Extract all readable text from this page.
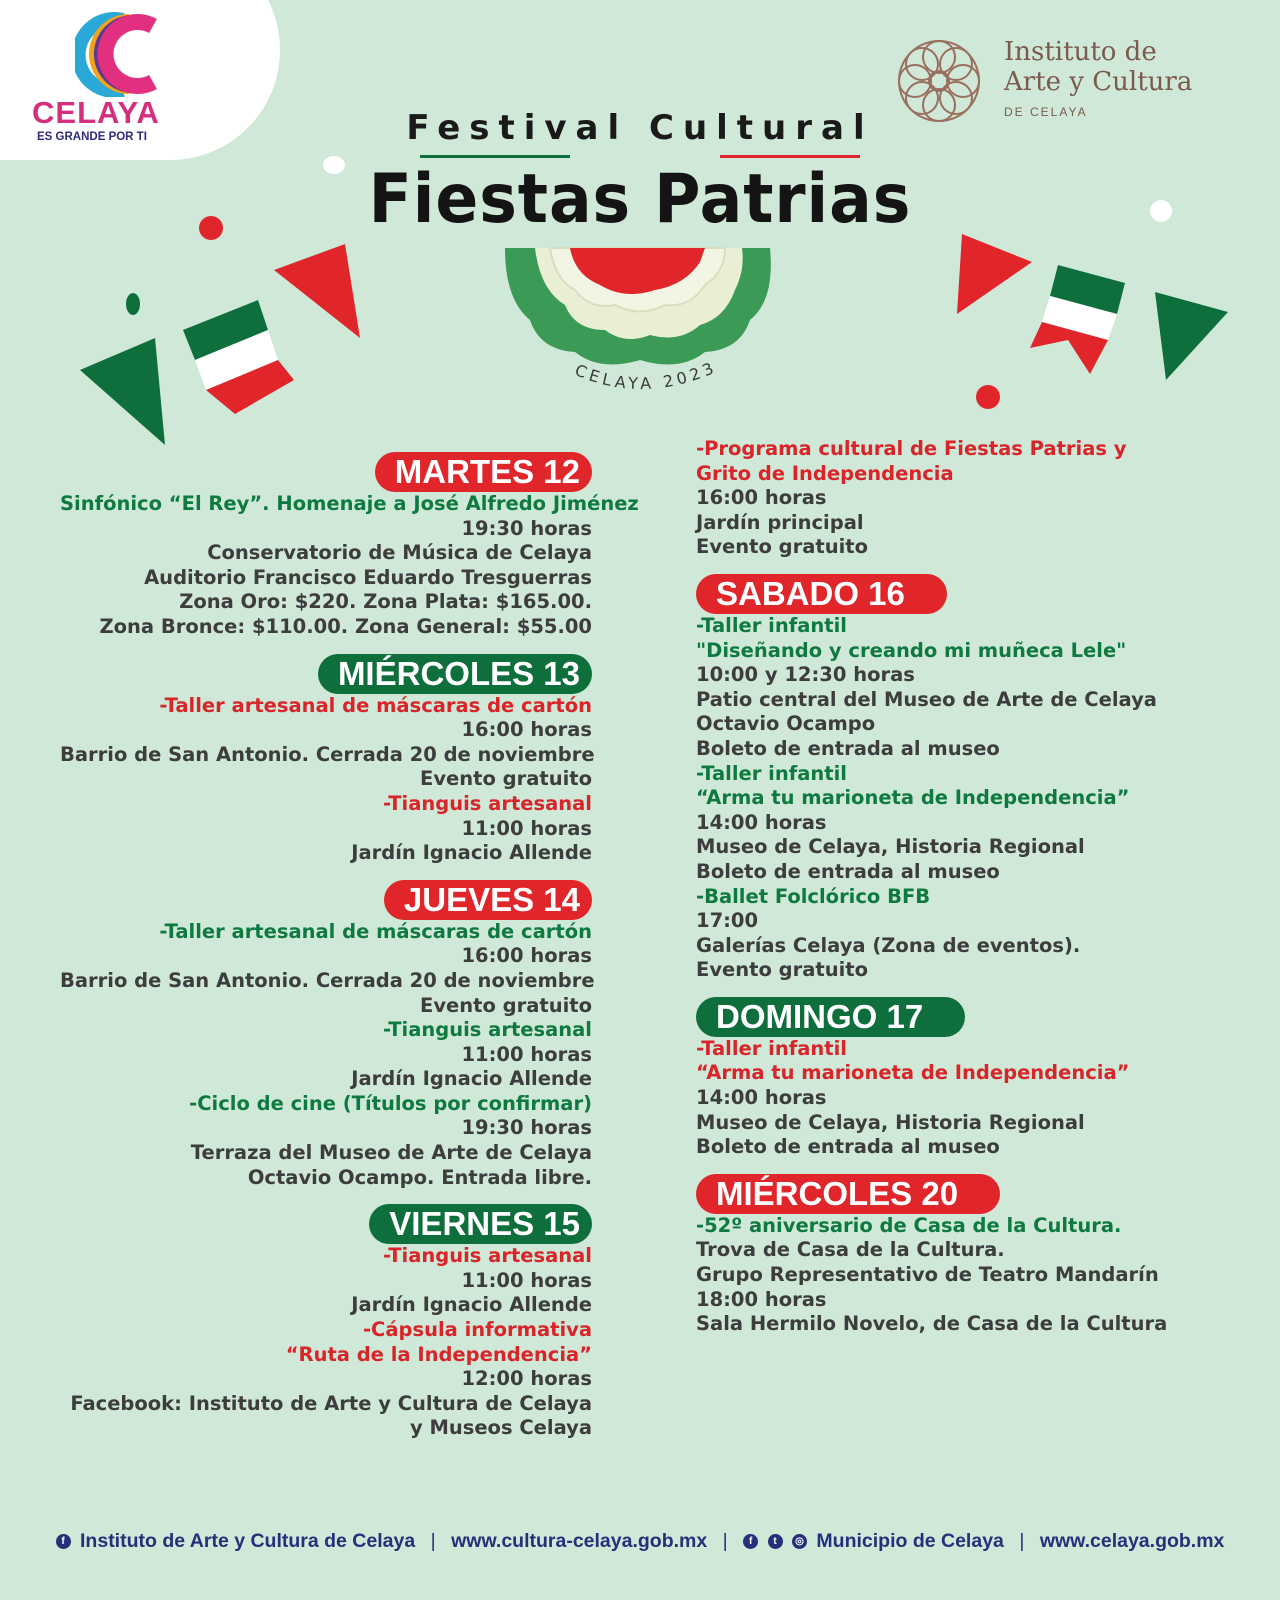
CELAYA
ES GRANDE POR TI
Instituto de
Arte y Cultura
DE CELAYA
CELAYA 2023
Festival Cultural
Fiestas Patrias
MARTES 12
Sinfónico “El Rey”. Homenaje a José Alfredo Jiménez
19:30 horas
Conservatorio de Música de Celaya
Auditorio Francisco Eduardo Tresguerras
Zona Oro: $220. Zona Plata: $165.00.
Zona Bronce: $110.00. Zona General: $55.00
MIÉRCOLES 13
-Taller artesanal de máscaras de cartón
16:00 horas
Barrio de San Antonio. Cerrada 20 de noviembre
Evento gratuito
-Tianguis artesanal
11:00 horas
Jardín Ignacio Allende
JUEVES 14
-Taller artesanal de máscaras de cartón
16:00 horas
Barrio de San Antonio. Cerrada 20 de noviembre
Evento gratuito
-Tianguis artesanal
11:00 horas
Jardín Ignacio Allende
-Ciclo de cine (Títulos por confirmar)
19:30 horas
Terraza del Museo de Arte de Celaya
Octavio Ocampo. Entrada libre.
VIERNES 15
-Tianguis artesanal
11:00 horas
Jardín Ignacio Allende
-Cápsula informativa
“Ruta de la Independencia”
12:00 horas
Facebook: Instituto de Arte y Cultura de Celaya
y Museos Celaya
-Programa cultural de Fiestas Patrias y
Grito de Independencia
16:00 horas
Jardín principal
Evento gratuito
SABADO 16
-Taller infantil
"Diseñando y creando mi muñeca Lele"
10:00 y 12:30 horas
Patio central del Museo de Arte de Celaya
Octavio Ocampo
Boleto de entrada al museo
-Taller infantil
“Arma tu marioneta de Independencia”
14:00 horas
Museo de Celaya, Historia Regional
Boleto de entrada al museo
-Ballet Folclórico BFB
17:00
Galerías Celaya (Zona de eventos).
Evento gratuito
DOMINGO 17
-Taller infantil
“Arma tu marioneta de Independencia”
14:00 horas
Museo de Celaya, Historia Regional
Boleto de entrada al museo
MIÉRCOLES 20
-52º aniversario de Casa de la Cultura.
Trova de Casa de la Cultura.
Grupo Representativo de Teatro Mandarín
18:00 horas
Sala Hermilo Novelo, de Casa de la Cultura
f Instituto de Arte y Cultura de Celaya | www.cultura-celaya.gob.mx | f t ◎ Municipio de Celaya | www.celaya.gob.mx
